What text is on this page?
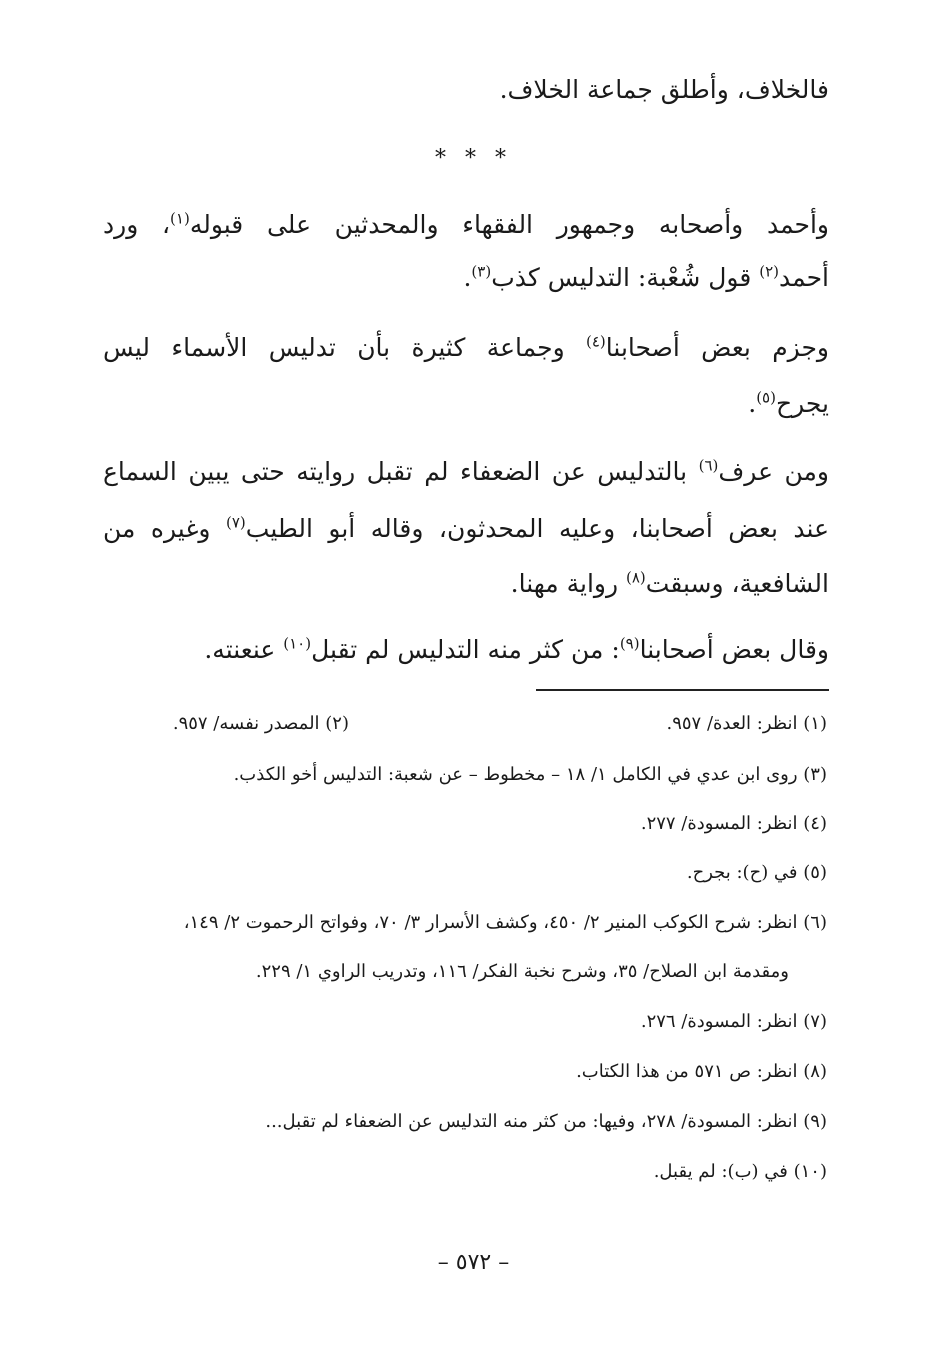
فالخلاف، وأطلق جماعة الخلاف.
* * *
وأحمد وأصحابه وجمهور الفقهاء والمحدثين على قبوله$^{(١)}$، ورد
أحمد$^{(٢)}$ قول شُعْبة: التدليس كذب$^{(٣)}$.
وجزم بعض أصحابنا$^{(٤)}$ وجماعة كثيرة بأن تدليس الأسماء ليس
يجرح$^{(٥)}$.
ومن عرف$^{(٦)}$ بالتدليس عن الضعفاء لم تقبل روايته حتى يبين السماع
عند بعض أصحابنا، وعليه المحدثون، وقاله أبو الطيب$^{(٧)}$ وغيره من
الشافعية، وسبقت$^{(٨)}$ رواية مهنا.
وقال بعض أصحابنا$^{(٩)}$: من كثر منه التدليس لم تقبل$^{(١٠)}$ عنعنته.
(١) انظر: العدة/ ٩٥٧.
(٢) المصدر نفسه/ ٩٥٧.
(٣) روى ابن عدي في الكامل ١/ ١٨ – مخطوط – عن شعبة: التدليس أخو الكذب.
(٤) انظر: المسودة/ ٢٧٧.
(٥) في (ح): بجرح.
(٦) انظر: شرح الكوكب المنير ٢/ ٤٥٠، وكشف الأسرار ٣/ ٧٠، وفواتح الرحموت ٢/ ١٤٩،
ومقدمة ابن الصلاح/ ٣٥، وشرح نخبة الفكر/ ١١٦، وتدريب الراوي ١/ ٢٢٩.
(٧) انظر: المسودة/ ٢٧٦.
(٨) انظر: ص ٥٧١ من هذا الكتاب.
(٩) انظر: المسودة/ ٢٧٨، وفيها: من كثر منه التدليس عن الضعفاء لم تقبل...
(١٠) في (ب): لم يقبل.
– ٥٧٢ –
